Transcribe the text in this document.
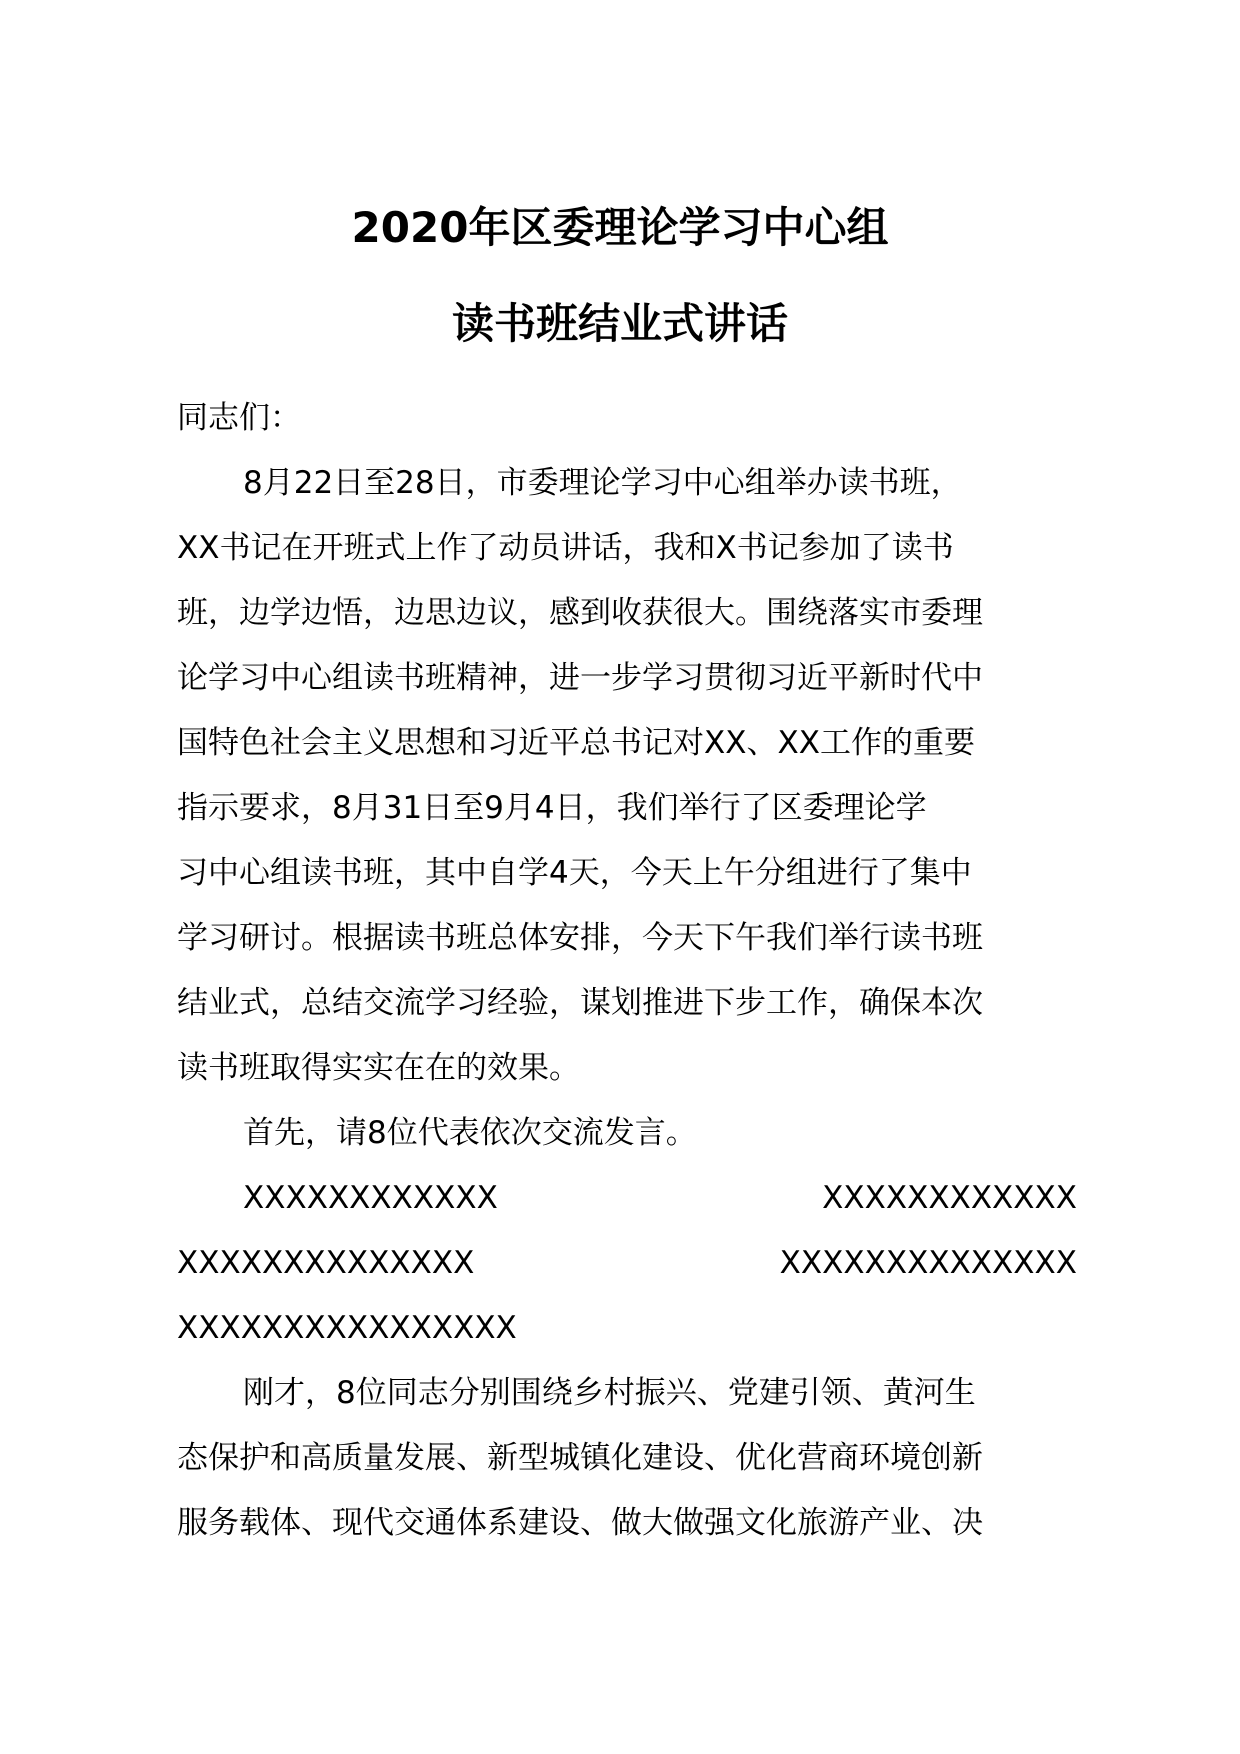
2020年区委理论学习中心组
读书班结业式讲话
同志们：
8月22日至28日，市委理论学习中心组举办读书班，
XX书记在开班式上作了动员讲话，我和X书记参加了读书
班，边学边悟，边思边议，感到收获很大。围绕落实市委理
论学习中心组读书班精神，进一步学习贯彻习近平新时代中
国特色社会主义思想和习近平总书记对XX、XX工作的重要
指示要求，8月31日至9月4日，我们举行了区委理论学
习中心组读书班，其中自学4天，今天上午分组进行了集中
学习研讨。根据读书班总体安排，今天下午我们举行读书班
结业式，总结交流学习经验，谋划推进下步工作，确保本次
读书班取得实实在在的效果。
首先，请8位代表依次交流发言。
XXXXXXXXXXXX	XXXXXXXXXXXX
XXXXXXXXXXXXXX	XXXXXXXXXXXXXX
XXXXXXXXXXXXXXXX
刚才，8位同志分别围绕乡村振兴、党建引领、黄河生
态保护和高质量发展、新型城镇化建设、优化营商环境创新
服务载体、现代交通体系建设、做大做强文化旅游产业、决
